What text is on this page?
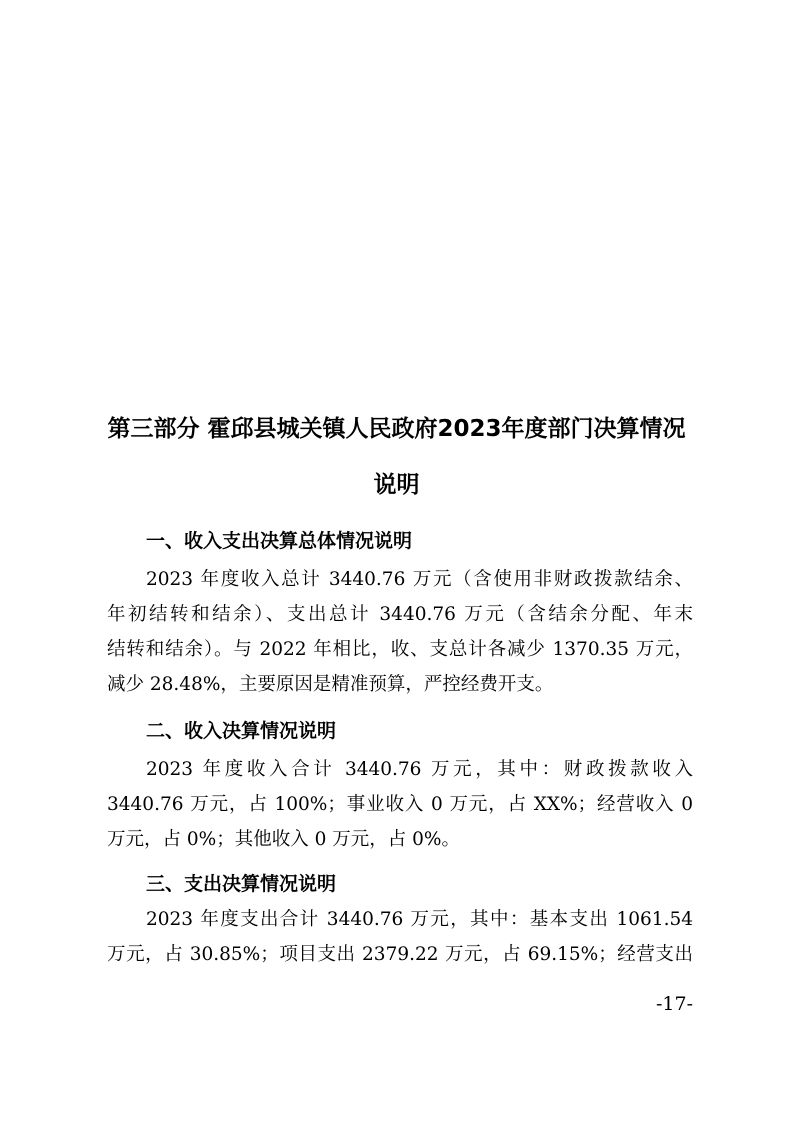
第三部分 霍邱县城关镇人民政府2023年度部门决算情况
说明
一、收入支出决算总体情况说明
2023 年度收入总计 3440.76 万元（含使用非财政拨款结余、
年初结转和结余）、支出总计 3440.76 万元（含结余分配、年末
结转和结余）。与 2022 年相比，收、支总计各减少 1370.35 万元，
减少 28.48%，主要原因是精准预算，严控经费开支。
二、收入决算情况说明
2023 年度收入合计 3440.76 万元，其中：财政拨款收入
3440.76 万元，占 100%；事业收入 0 万元，占 XX%；经营收入 0
万元，占 0%；其他收入 0 万元，占 0%。
三、支出决算情况说明
2023 年度支出合计 3440.76 万元，其中：基本支出 1061.54
万元，占 30.85%；项目支出 2379.22 万元，占 69.15%；经营支出
-17-
